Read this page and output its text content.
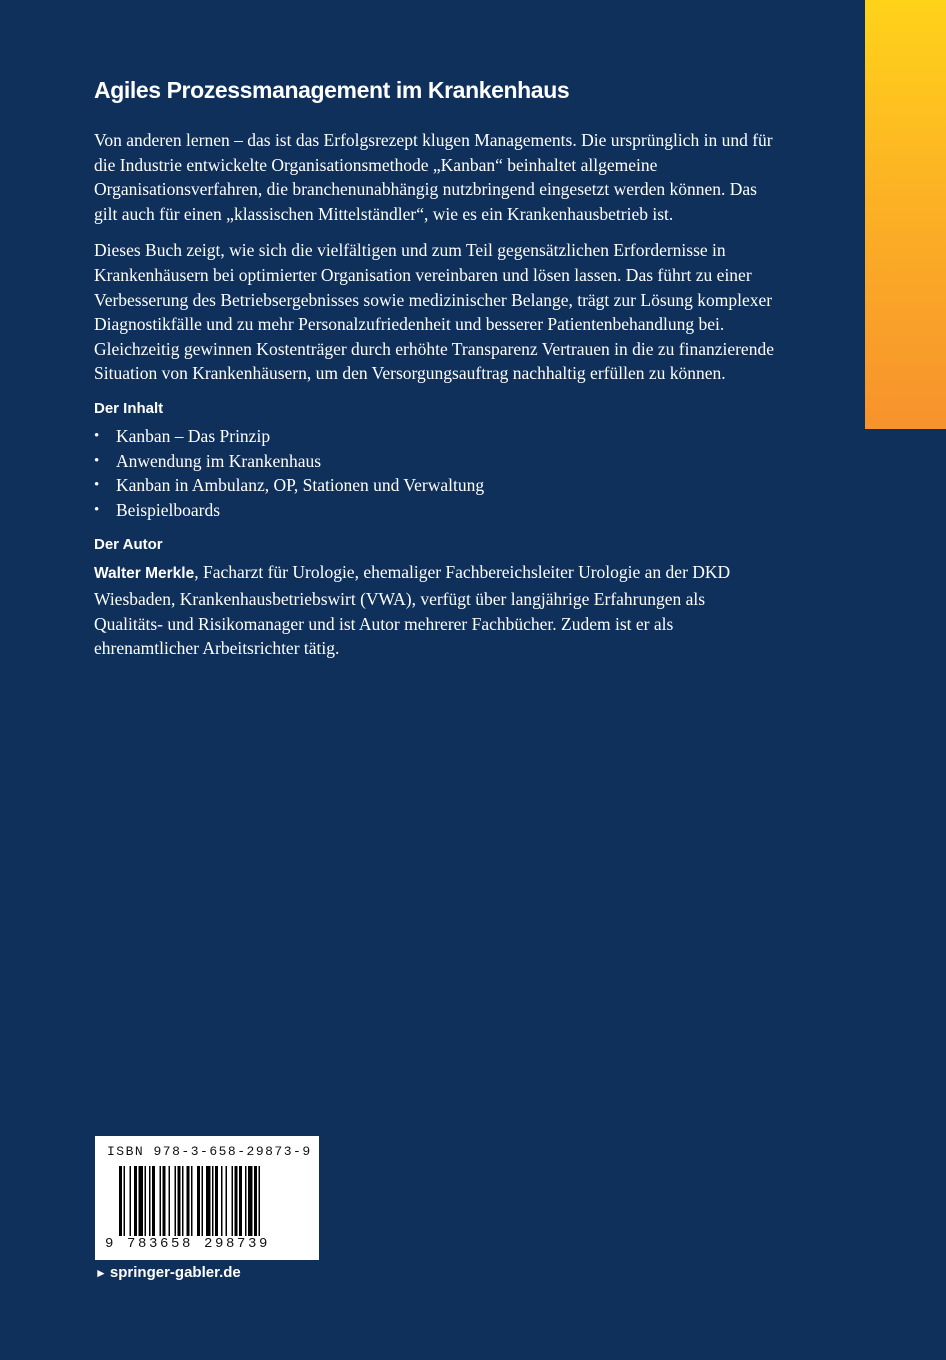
Agiles Prozessmanagement im Krankenhaus

Von anderen lernen – das ist das Erfolgsrezept klugen Managements. Die ursprünglich in und für die Industrie entwickelte Organisationsmethode „Kanban“ beinhaltet allgemeine Organisationsverfahren, die branchenunabhängig nutzbringend eingesetzt werden können. Das gilt auch für einen „klassischen Mittelständler“, wie es ein Krankenhausbetrieb ist.

Dieses Buch zeigt, wie sich die vielfältigen und zum Teil gegensätzlichen Erfordernisse in Krankenhäusern bei optimierter Organisation vereinbaren und lösen lassen. Das führt zu einer Verbesserung des Betriebsergebnisses sowie medizinischer Belange, trägt zur Lösung komplexer Diagnostikfälle und zu mehr Personalzufriedenheit und besserer Patientenbehandlung bei. Gleichzeitig gewinnen Kostenträger durch erhöhte Transparenz Vertrauen in die zu finanzierende Situation von Krankenhäusern, um den Versorgungsauftrag nachhaltig erfüllen zu können.

Der Inhalt
• Kanban – Das Prinzip
• Anwendung im Krankenhaus
• Kanban in Ambulanz, OP, Stationen und Verwaltung
• Beispielboards
Der Autor

Walter Merkle, Facharzt für Urologie, ehemaliger Fachbereichsleiter Urologie an der DKD Wiesbaden, Krankenhausbetriebswirt (VWA), verfügt über langjährige Erfahrungen als Qualitäts- und Risikomanager und ist Autor mehrerer Fachbücher. Zudem ist er als ehrenamtlicher Arbeitsrichter tätig.

ISBN 978-3-658-29873-9
9 783658 298739
► springer-gabler.de
